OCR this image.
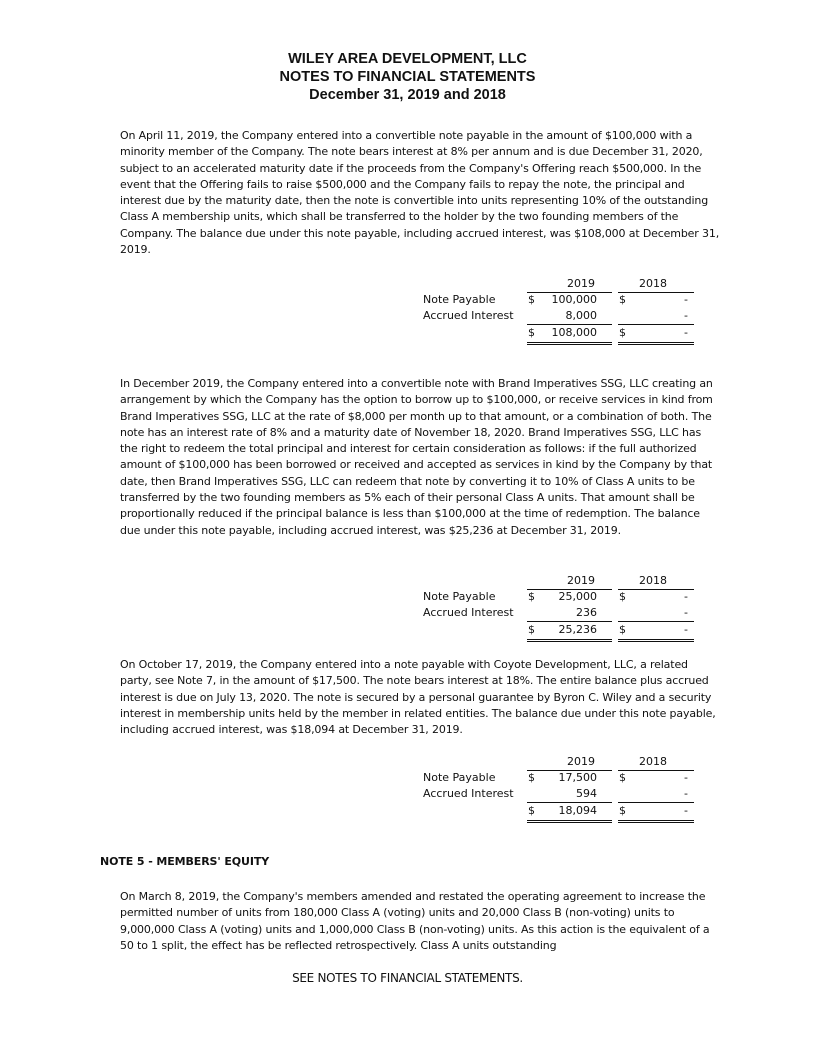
WILEY AREA DEVELOPMENT, LLC
NOTES TO FINANCIAL STATEMENTS
December 31, 2019 and 2018
On April 11, 2019, the Company entered into a convertible note payable in the amount of $100,000 with a minority member of the Company. The note bears interest at 8% per annum and is due December 31, 2020, subject to an accelerated maturity date if the proceeds from the Company's Offering reach $500,000. In the event that the Offering fails to raise $500,000 and the Company fails to repay the note, the principal and interest due by the maturity date, then the note is convertible into units representing 10% of the outstanding Class A membership units, which shall be transferred to the holder by the two founding members of the Company. The balance due under this note payable, including accrued interest, was $108,000 at December 31, 2019.
2019	2018
Note Payable	$ 100,000 $	-
Accrued Interest	8,000	-
$ 108,000 $	-
In December 2019, the Company entered into a convertible note with Brand Imperatives SSG, LLC creating an arrangement by which the Company has the option to borrow up to $100,000, or receive services in kind from Brand Imperatives SSG, LLC at the rate of $8,000 per month up to that amount, or a combination of both. The note has an interest rate of 8% and a maturity date of November 18, 2020. Brand Imperatives SSG, LLC has the right to redeem the total principal and interest for certain consideration as follows: if the full authorized amount of $100,000 has been borrowed or received and accepted as services in kind by the Company by that date, then Brand Imperatives SSG, LLC can redeem that note by converting it to 10% of Class A units to be transferred by the two founding members as 5% each of their personal Class A units. That amount shall be proportionally reduced if the principal balance is less than $100,000 at the time of redemption. The balance due under this note payable, including accrued interest, was $25,236 at December 31, 2019.
2019	2018
Note Payable	$ 25,000 $	-
Accrued Interest	236	-
$ 25,236 $	-
On October 17, 2019, the Company entered into a note payable with Coyote Development, LLC, a related party, see Note 7, in the amount of $17,500. The note bears interest at 18%. The entire balance plus accrued interest is due on July 13, 2020. The note is secured by a personal guarantee by Byron C. Wiley and a security interest in membership units held by the member in related entities. The balance due under this note payable, including accrued interest, was $18,094 at December 31, 2019.
2019	2018
Note Payable	$ 17,500 $	-
Accrued Interest	594	-
$ 18,094 $	-
NOTE 5 - MEMBERS' EQUITY
On March 8, 2019, the Company's members amended and restated the operating agreement to increase the permitted number of units from 180,000 Class A (voting) units and 20,000 Class B (non-voting) units to 9,000,000 Class A (voting) units and 1,000,000 Class B (non-voting) units. As this action is the equivalent of a 50 to 1 split, the effect has be reflected retrospectively. Class A units outstanding
SEE NOTES TO FINANCIAL STATEMENTS.
